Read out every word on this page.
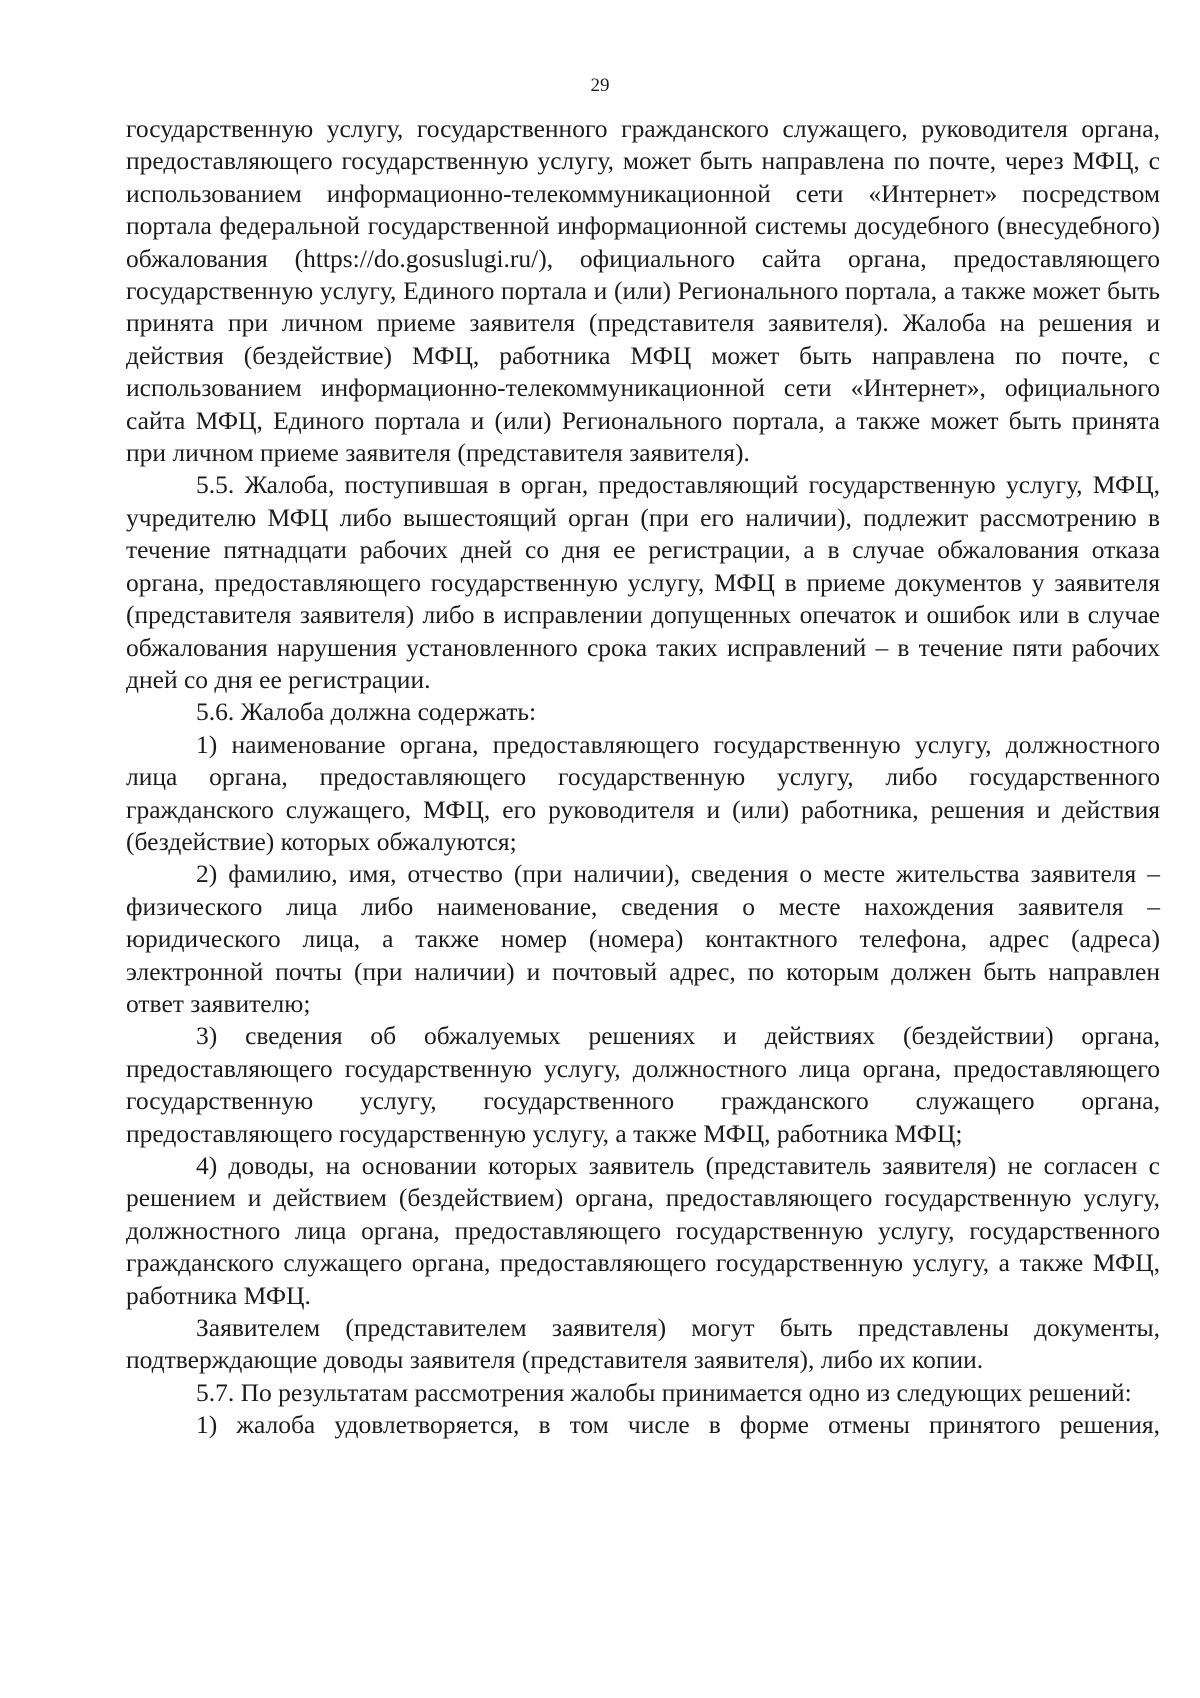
29

государственную услугу, государственного гражданского служащего, руководителя органа, предоставляющего государственную услугу, может быть направлена по почте, через МФЦ, с использованием информационно-телекоммуникационной сети «Интернет» посредством портала федеральной государственной информационной системы досудебного (внесудебного) обжалования (https://do.gosuslugi.ru/), официального сайта органа, предоставляющего государственную услугу, Единого портала и (или) Регионального портала, а также может быть принята при личном приеме заявителя (представителя заявителя). Жалоба на решения и действия (бездействие) МФЦ, работника МФЦ может быть направлена по почте, с использованием информационно-телекоммуникационной сети «Интернет», официального сайта МФЦ, Единого портала и (или) Регионального портала, а также может быть принята при личном приеме заявителя (представителя заявителя).

5.5. Жалоба, поступившая в орган, предоставляющий государственную услугу, МФЦ, учредителю МФЦ либо вышестоящий орган (при его наличии), подлежит рассмотрению в течение пятнадцати рабочих дней со дня ее регистрации, а в случае обжалования отказа органа, предоставляющего государственную услугу, МФЦ в приеме документов у заявителя (представителя заявителя) либо в исправлении допущенных опечаток и ошибок или в случае обжалования нарушения установленного срока таких исправлений – в течение пяти рабочих дней со дня ее регистрации.

5.6. Жалоба должна содержать:

1) наименование органа, предоставляющего государственную услугу, должностного лица органа, предоставляющего государственную услугу, либо государственного гражданского служащего, МФЦ, его руководителя и (или) работника, решения и действия (бездействие) которых обжалуются;

2) фамилию, имя, отчество (при наличии), сведения о месте жительства заявителя – физического лица либо наименование, сведения о месте нахождения заявителя – юридического лица, а также номер (номера) контактного телефона, адрес (адреса) электронной почты (при наличии) и почтовый адрес, по которым должен быть направлен ответ заявителю;

3) сведения об обжалуемых решениях и действиях (бездействии) органа, предоставляющего государственную услугу, должностного лица органа, предоставляющего государственную услугу, государственного гражданского служащего органа, предоставляющего государственную услугу, а также МФЦ, работника МФЦ;

4) доводы, на основании которых заявитель (представитель заявителя) не согласен с решением и действием (бездействием) органа, предоставляющего государственную услугу, должностного лица органа, предоставляющего государственную услугу, государственного гражданского служащего органа, предоставляющего государственную услугу, а также МФЦ, работника МФЦ.

Заявителем (представителем заявителя) могут быть представлены документы, подтверждающие доводы заявителя (представителя заявителя), либо их копии.

5.7. По результатам рассмотрения жалобы принимается одно из следующих решений:

1) жалоба удовлетворяется, в том числе в форме отмены принятого решения,
